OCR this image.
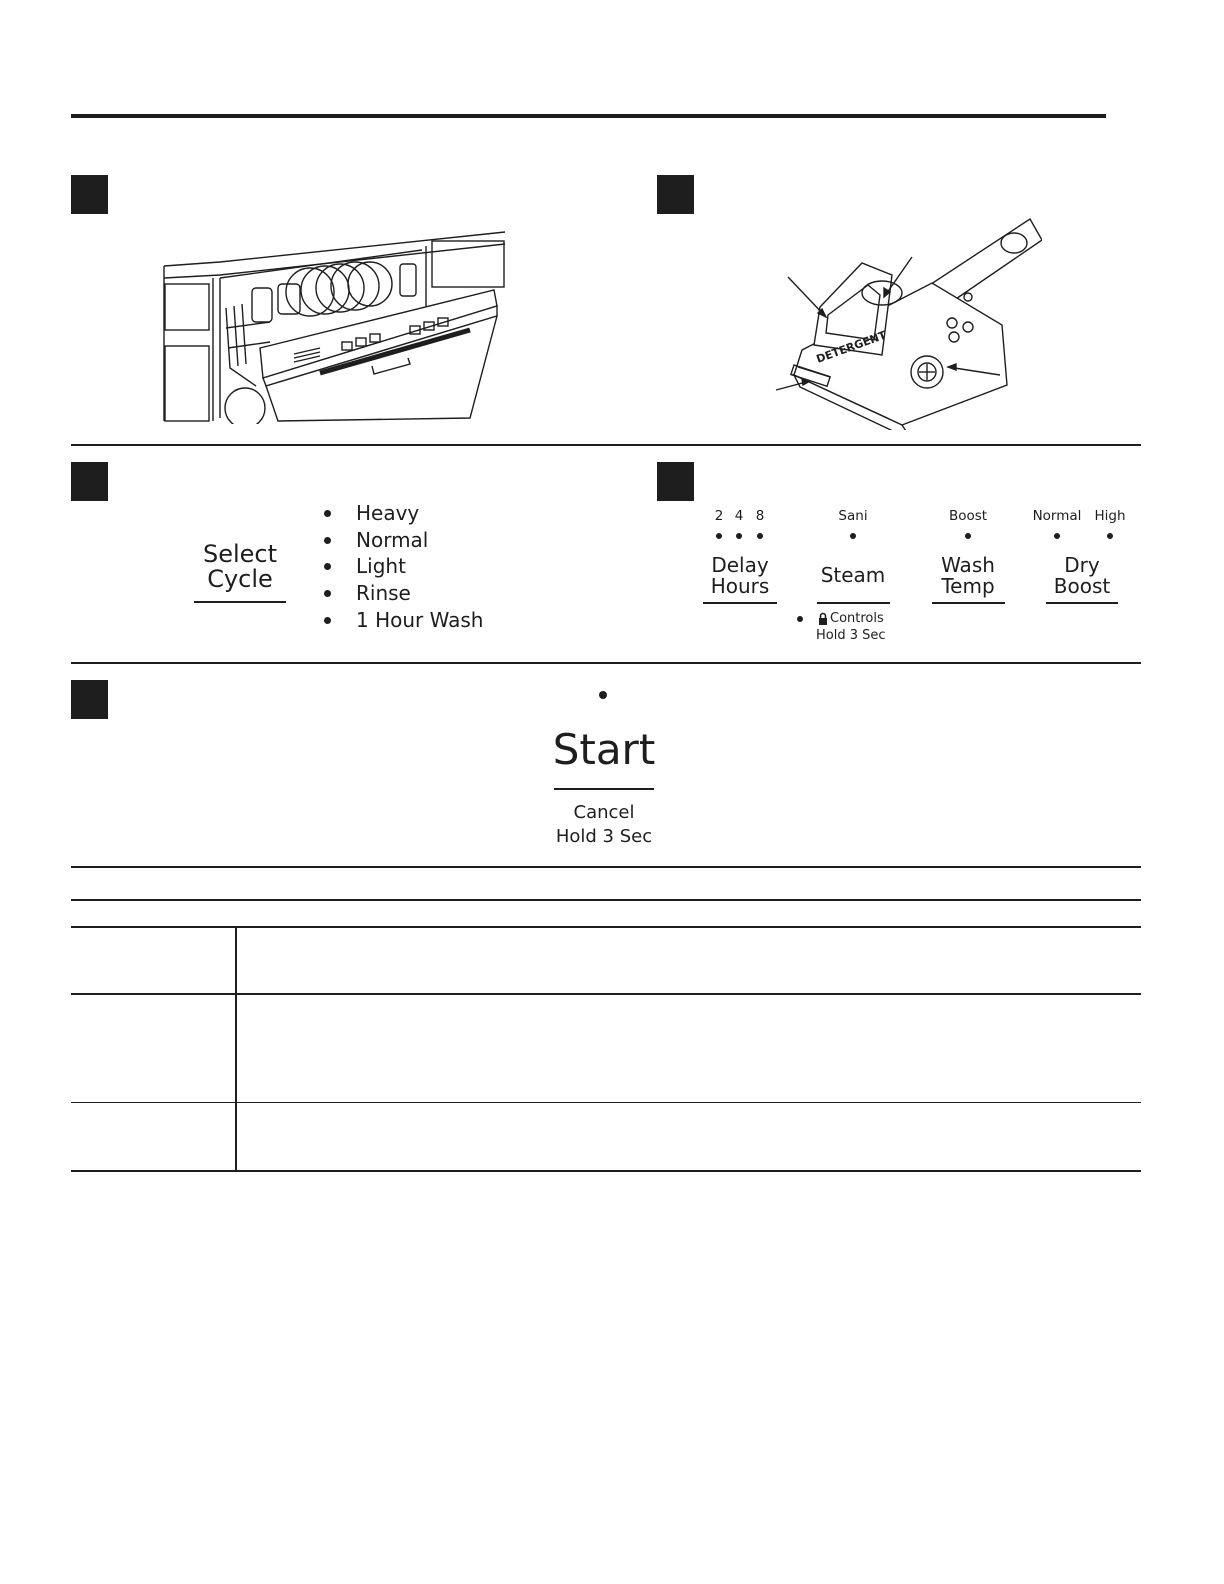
DETERGENT
Select
Cycle
Heavy
Normal
Light
Rinse
1 Hour Wash
2 4 8
Delay
Hours
Sani
Steam
Controls
Hold 3 Sec
Boost
Wash
Temp
Normal High
Dry
Boost
Start
Cancel
Hold 3 Sec
